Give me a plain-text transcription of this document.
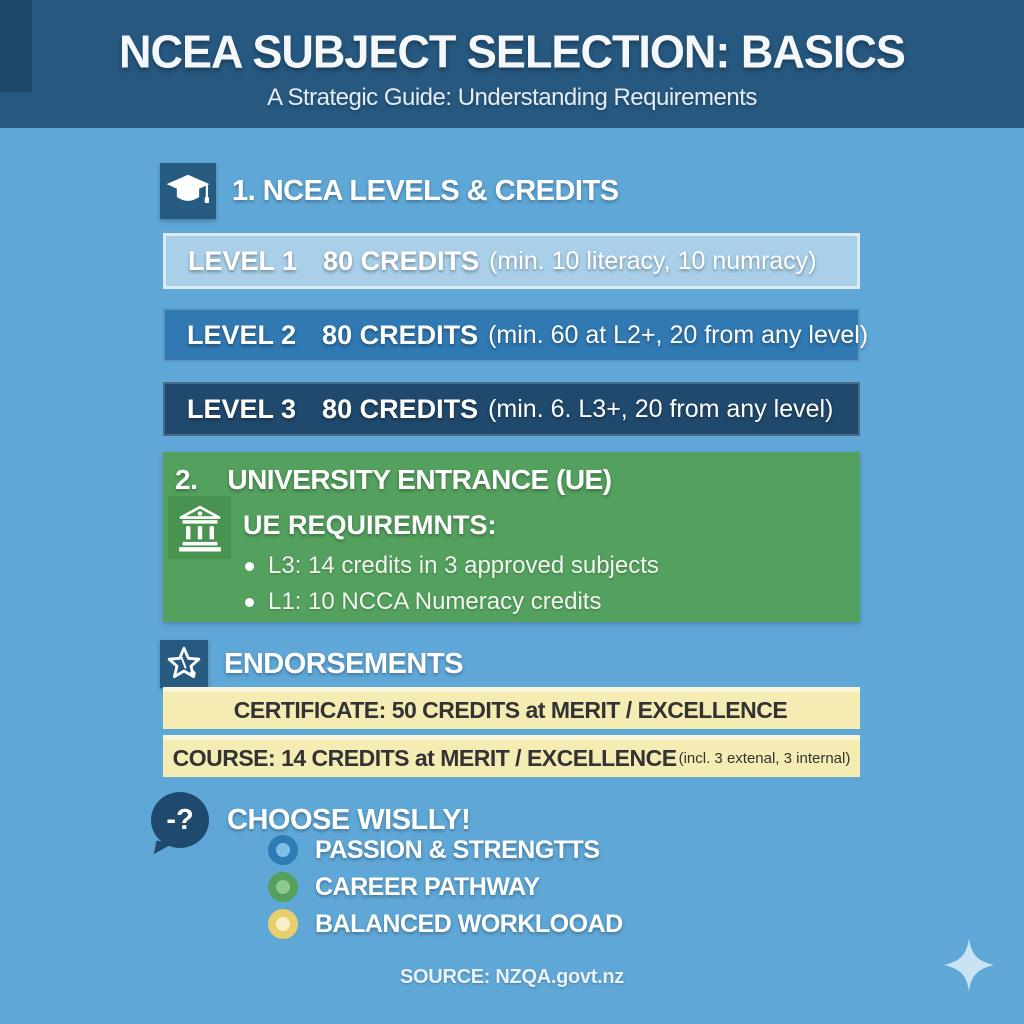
NCEA SUBJECT SELECTION: BASICS
A Strategic Guide: Understanding Requirements
1. NCEA LEVELS & CREDITS
LEVEL 1 80 CREDITS (min. 10 literacy, 10 numracy)
LEVEL 2 80 CREDITS (min. 60 at L2+, 20 from any level)
LEVEL 3 80 CREDITS (min. 6. L3+, 20 from any level)
2. UNIVERSITY ENTRANCE (UE)
UE REQUIREMNTS:
L3: 14 credits in 3 approved subjects
L1: 10 NCCA Numeracy credits
ENDORSEMENTS
CERTIFICATE: 50 CREDITS at MERIT / EXCELLENCE
COURSE: 14 CREDITS at MERIT / EXCELLENCE (incl. 3 extenal, 3 internal)
-?	CHOOSE WISLLY!
PASSION & STRENGTTS
CAREER PATHWAY
BALANCED WORKLOOAD
SOURCE: NZQA.govt.nz
